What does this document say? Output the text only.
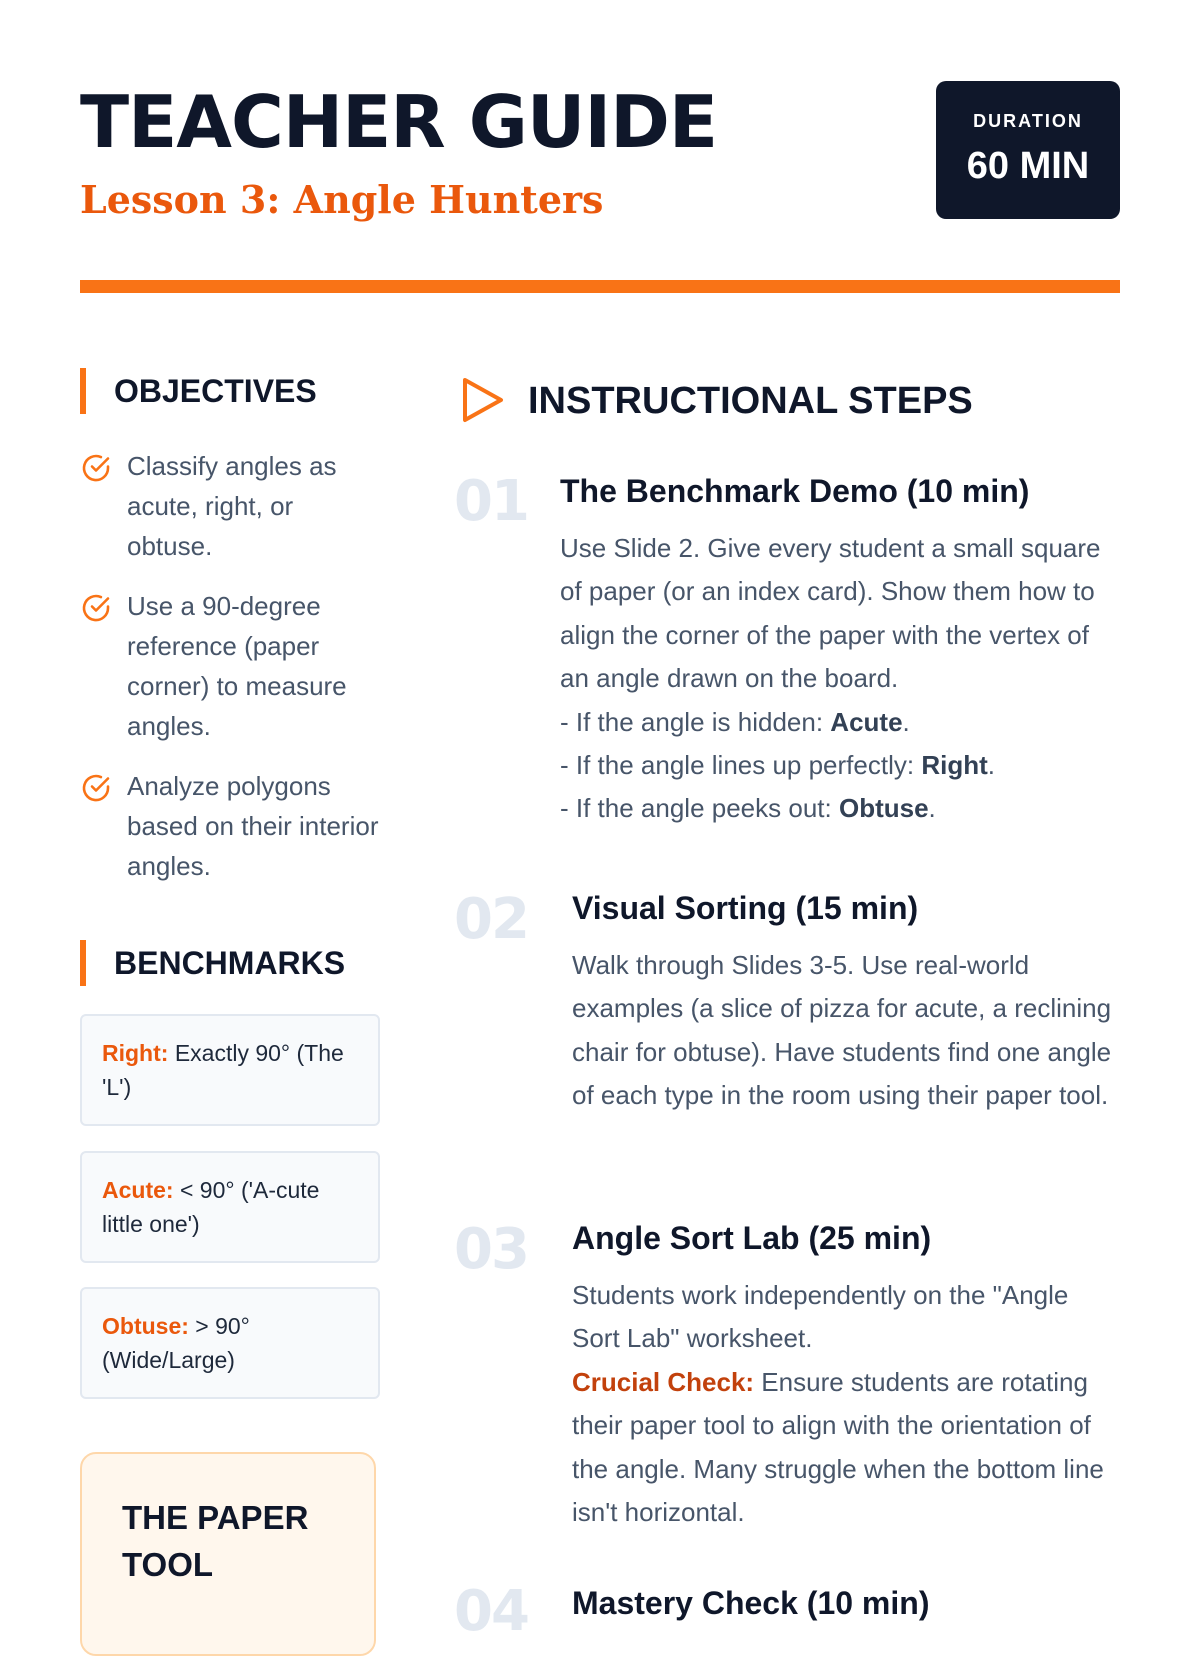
TEACHER GUIDE
Lesson 3: Angle Hunters
DURATION
60 MIN
OBJECTIVES
Classify angles as acute, right, or obtuse.
Use a 90-degree reference (paper corner) to measure angles.
Analyze polygons based on their interior angles.
BENCHMARKS
Right: Exactly 90° (The 'L')
Acute: < 90° ('A-cute little one')
Obtuse: > 90° (Wide/Large)
THE PAPER TOOL
INSTRUCTIONAL STEPS
01 The Benchmark Demo (10 min)

Use Slide 2. Give every student a small square of paper (or an index card). Show them how to align the corner of the paper with the vertex of an angle drawn on the board.

- If the angle is hidden: Acute.

- If the angle lines up perfectly: Right.

- If the angle peeks out: Obtuse.

02 Visual Sorting (15 min)

Walk through Slides 3-5. Use real-world examples (a slice of pizza for acute, a reclining chair for obtuse). Have students find one angle of each type in the room using their paper tool.

03 Angle Sort Lab (25 min)

Students work independently on the "Angle Sort Lab" worksheet.

Crucial Check: Ensure students are rotating their paper tool to align with the orientation of the angle. Many struggle when the bottom line isn't horizontal.

04 Mastery Check (10 min)
